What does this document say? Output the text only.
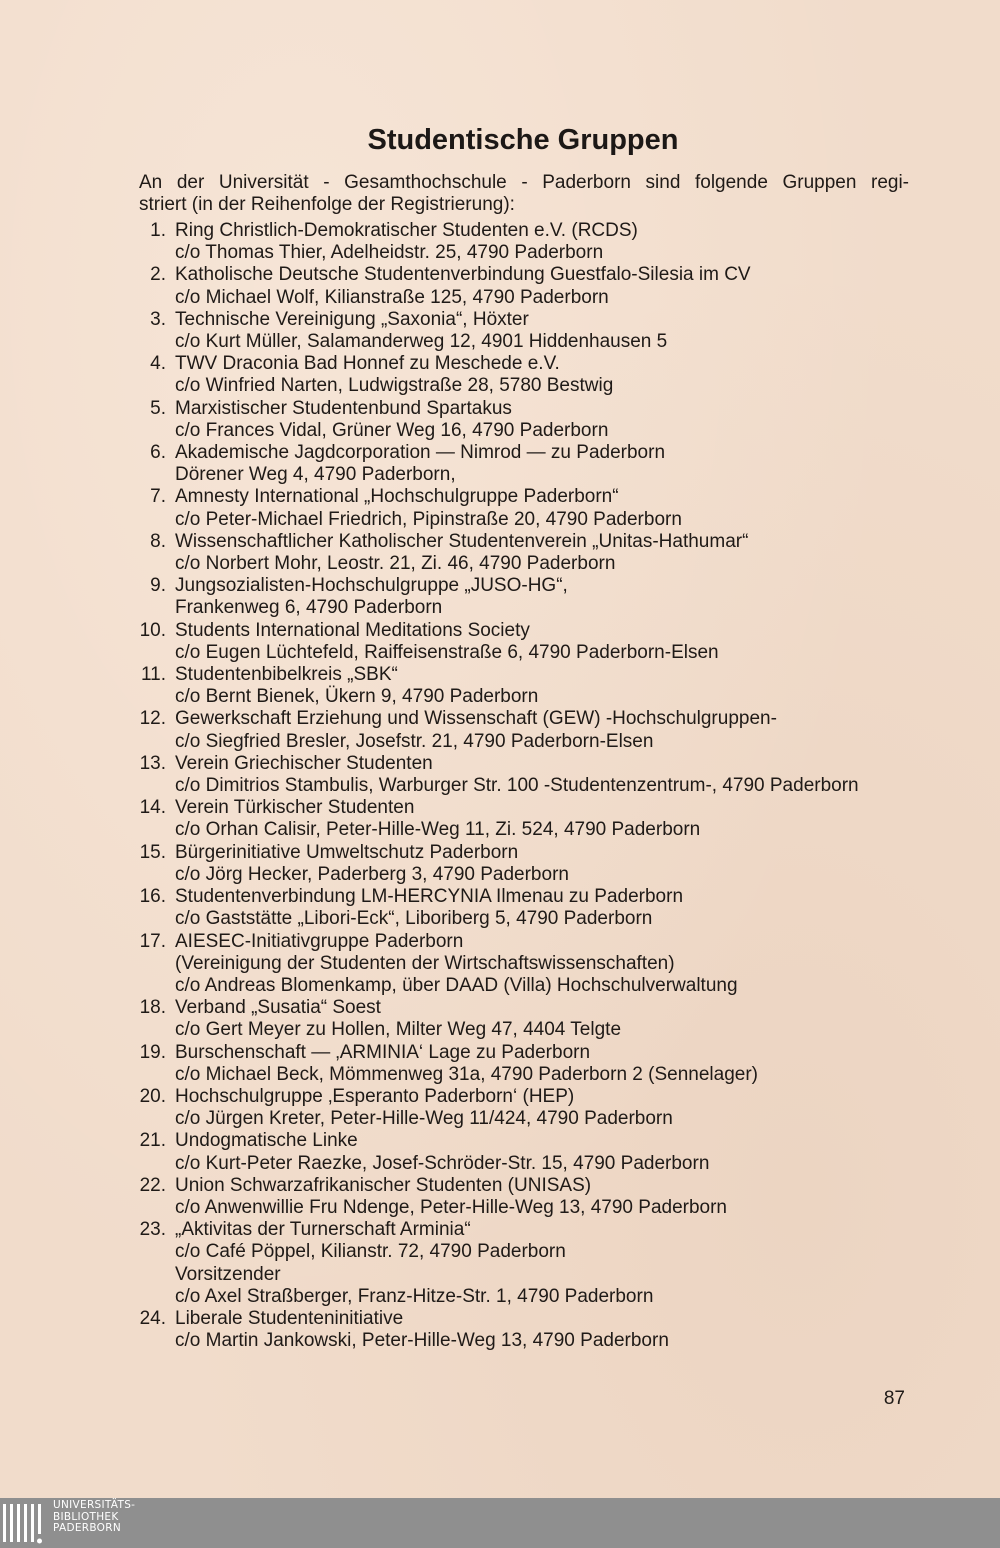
Studentische Gruppen
An der Universität - Gesamthochschule - Paderborn sind folgende Gruppen regi-
striert (in der Reihenfolge der Registrierung):
1. Ring Christlich-Demokratischer Studenten e.V. (RCDS)
c/o Thomas Thier, Adelheidstr. 25, 4790 Paderborn
2. Katholische Deutsche Studentenverbindung Guestfalo-Silesia im CV
c/o Michael Wolf, Kilianstraße 125, 4790 Paderborn
3. Technische Vereinigung „Saxonia“, Höxter
c/o Kurt Müller, Salamanderweg 12, 4901 Hiddenhausen 5
4. TWV Draconia Bad Honnef zu Meschede e.V.
c/o Winfried Narten, Ludwigstraße 28, 5780 Bestwig
5. Marxistischer Studentenbund Spartakus
c/o Frances Vidal, Grüner Weg 16, 4790 Paderborn
6. Akademische Jagdcorporation — Nimrod — zu Paderborn
Dörener Weg 4, 4790 Paderborn,
7. Amnesty International „Hochschulgruppe Paderborn“
c/o Peter-Michael Friedrich, Pipinstraße 20, 4790 Paderborn
8. Wissenschaftlicher Katholischer Studentenverein „Unitas-Hathumar“
c/o Norbert Mohr, Leostr. 21, Zi. 46, 4790 Paderborn
9. Jungsozialisten-Hochschulgruppe „JUSO-HG“,
Frankenweg 6, 4790 Paderborn
10. Students International Meditations Society
c/o Eugen Lüchtefeld, Raiffeisenstraße 6, 4790 Paderborn-Elsen
11. Studentenbibelkreis „SBK“
c/o Bernt Bienek, Ükern 9, 4790 Paderborn
12. Gewerkschaft Erziehung und Wissenschaft (GEW) -Hochschulgruppen-
c/o Siegfried Bresler, Josefstr. 21, 4790 Paderborn-Elsen
13. Verein Griechischer Studenten
c/o Dimitrios Stambulis, Warburger Str. 100 -Studentenzentrum-, 4790 Paderborn
14. Verein Türkischer Studenten
c/o Orhan Calisir, Peter-Hille-Weg 11, Zi. 524, 4790 Paderborn
15. Bürgerinitiative Umweltschutz Paderborn
c/o Jörg Hecker, Paderberg 3, 4790 Paderborn
16. Studentenverbindung LM-HERCYNIA Ilmenau zu Paderborn
c/o Gaststätte „Libori-Eck“, Liboriberg 5, 4790 Paderborn
17. AIESEC-Initiativgruppe Paderborn
(Vereinigung der Studenten der Wirtschaftswissenschaften)
c/o Andreas Blomenkamp, über DAAD (Villa) Hochschulverwaltung
18. Verband „Susatia“ Soest
c/o Gert Meyer zu Hollen, Milter Weg 47, 4404 Telgte
19. Burschenschaft — ‚ARMINIA‘ Lage zu Paderborn
c/o Michael Beck, Mömmenweg 31a, 4790 Paderborn 2 (Sennelager)
20. Hochschulgruppe ‚Esperanto Paderborn‘ (HEP)
c/o Jürgen Kreter, Peter-Hille-Weg 11/424, 4790 Paderborn
21. Undogmatische Linke
c/o Kurt-Peter Raezke, Josef-Schröder-Str. 15, 4790 Paderborn
22. Union Schwarzafrikanischer Studenten (UNISAS)
c/o Anwenwillie Fru Ndenge, Peter-Hille-Weg 13, 4790 Paderborn
23. „Aktivitas der Turnerschaft Arminia“
c/o Café Pöppel, Kilianstr. 72, 4790 Paderborn
Vorsitzender
c/o Axel Straßberger, Franz-Hitze-Str. 1, 4790 Paderborn
24. Liberale Studenteninitiative
c/o Martin Jankowski, Peter-Hille-Weg 13, 4790 Paderborn
87
UNIVERSITÄTS-
BIBLIOTHEK
PADERBORN
